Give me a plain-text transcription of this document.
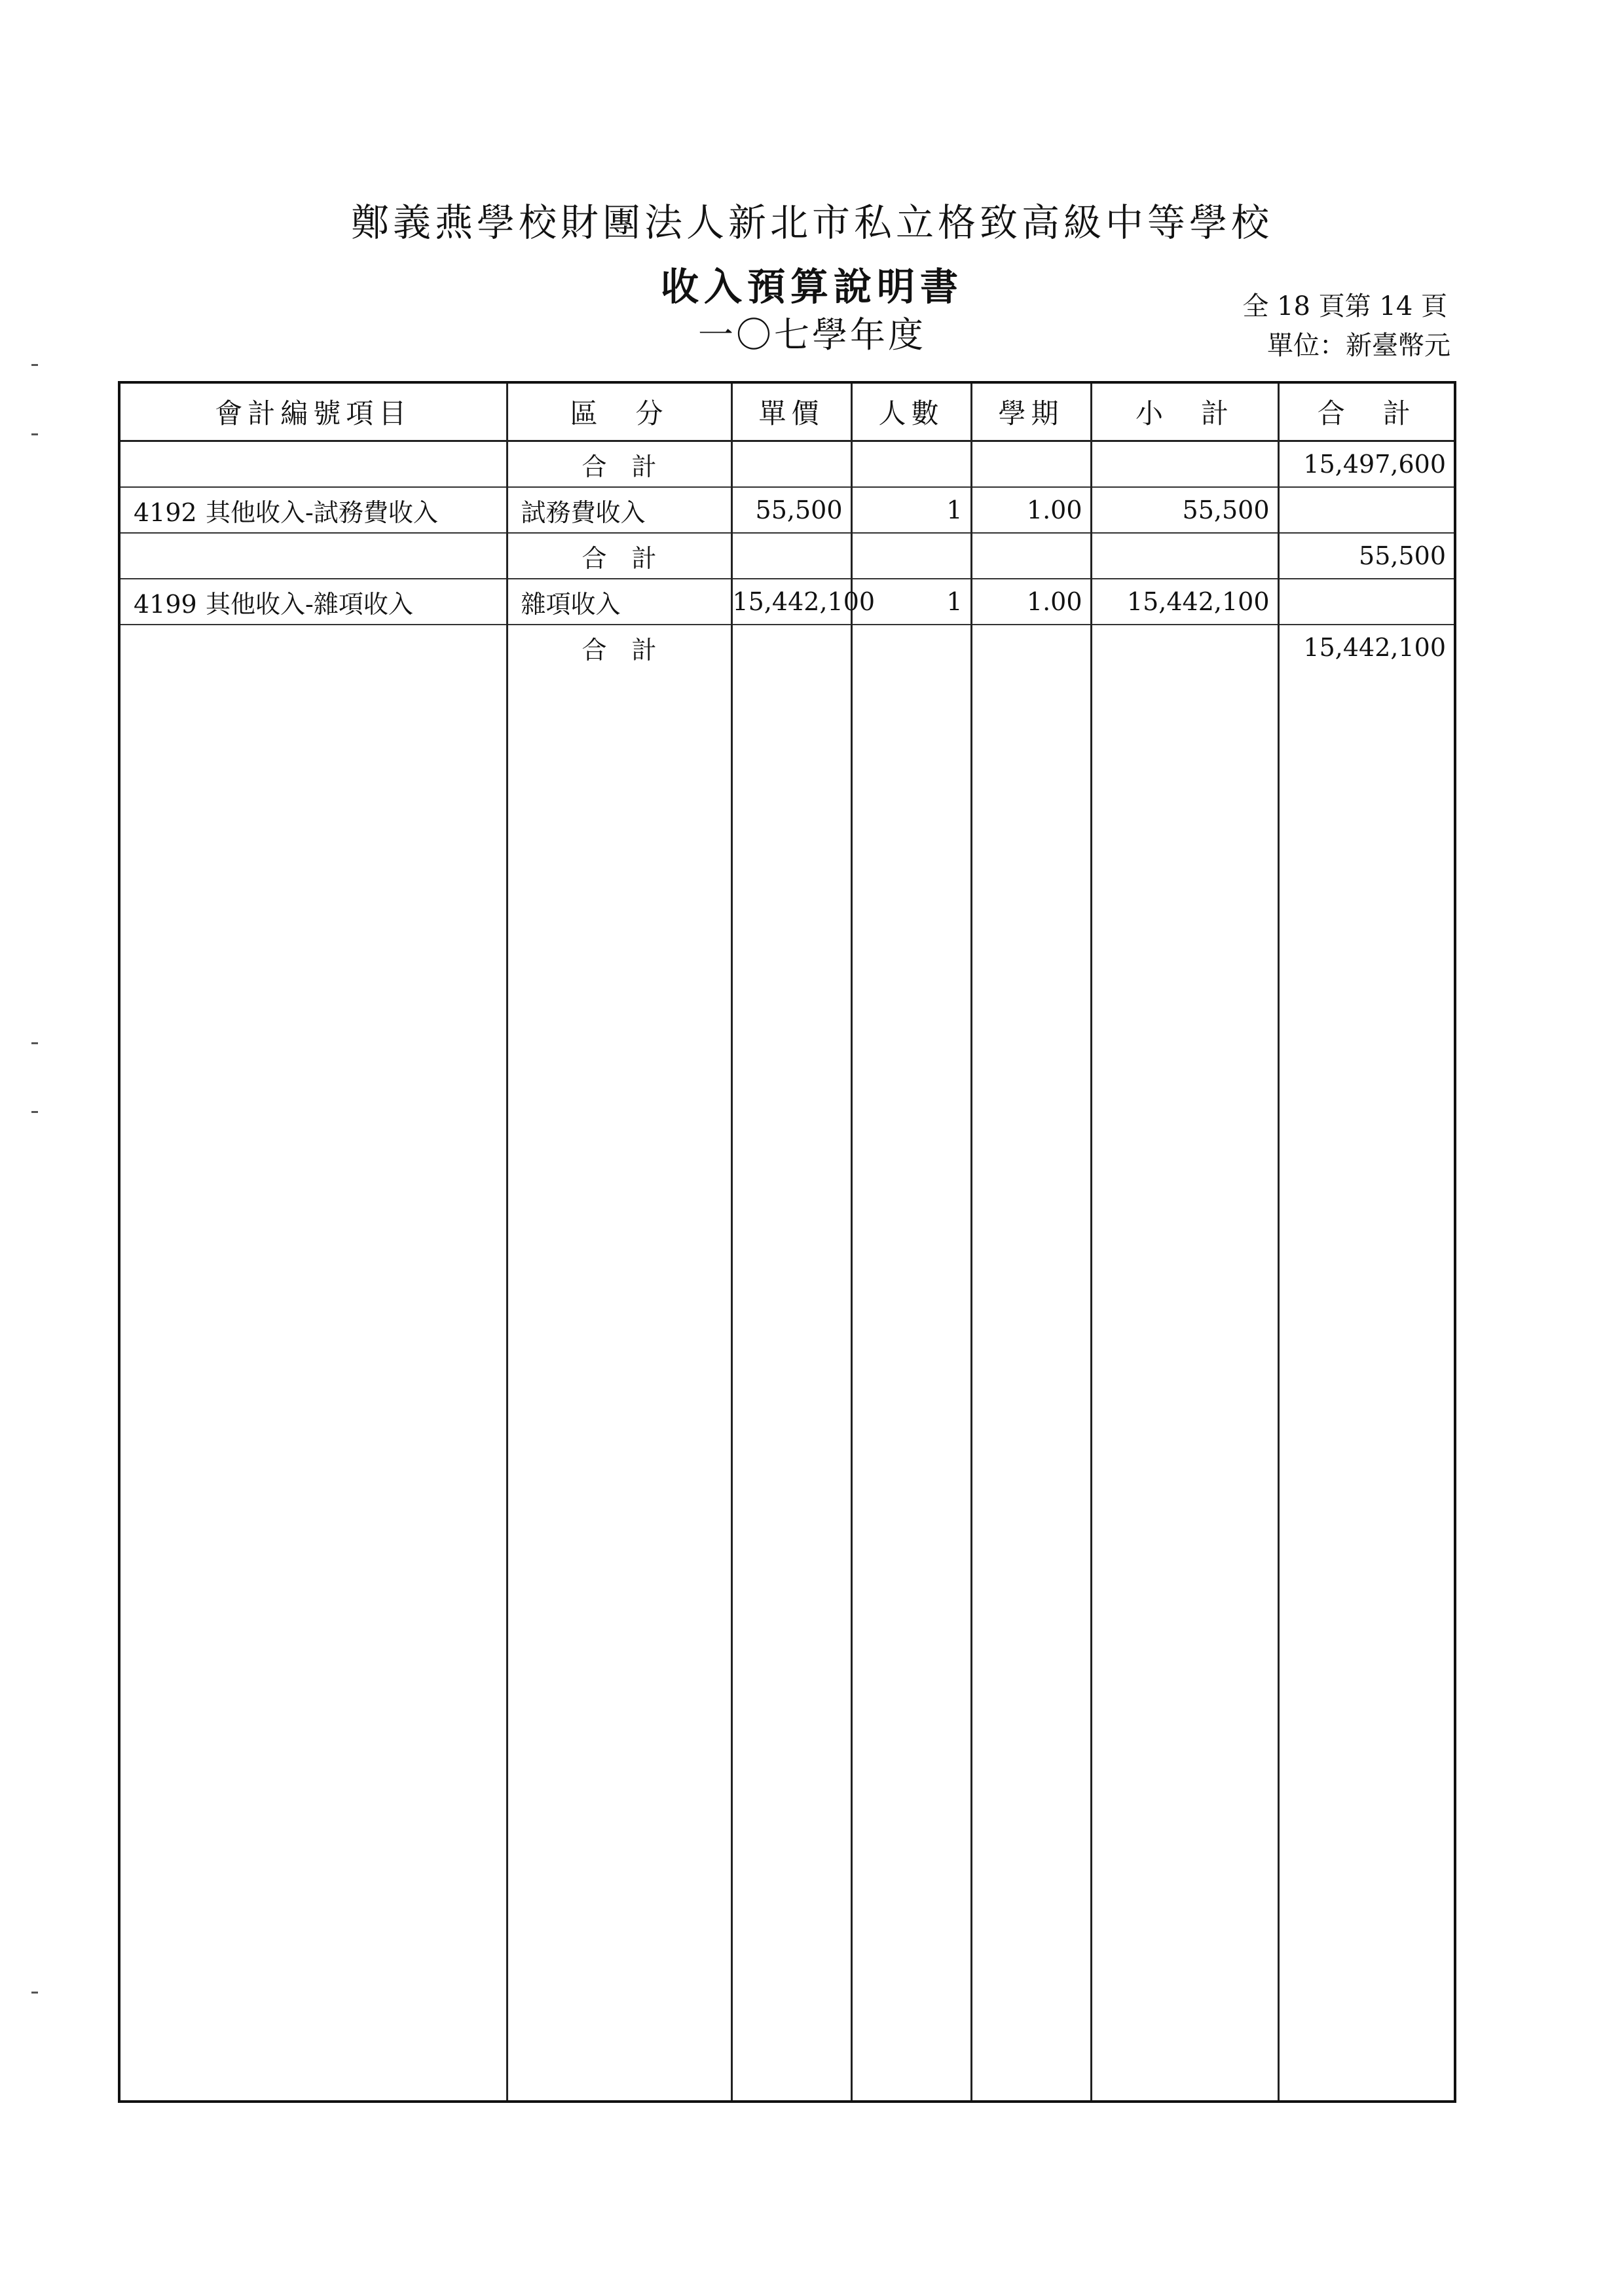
鄭義燕學校財團法人新北市私立格致高級中等學校
收入預算說明書
一〇七學年度
全 18 頁第 14 頁
單位：新臺幣元
會計編號項目	區　分	單價	人數	學期	小　計	合　計
	合　計					15,497,600
4192 其他收入-試務費收入	試務費收入	55,500	1	1.00	55,500	
	合　計					55,500
4199 其他收入-雜項收入	雜項收入	15,442,100	1	1.00	15,442,100	
	合　計					15,442,100
